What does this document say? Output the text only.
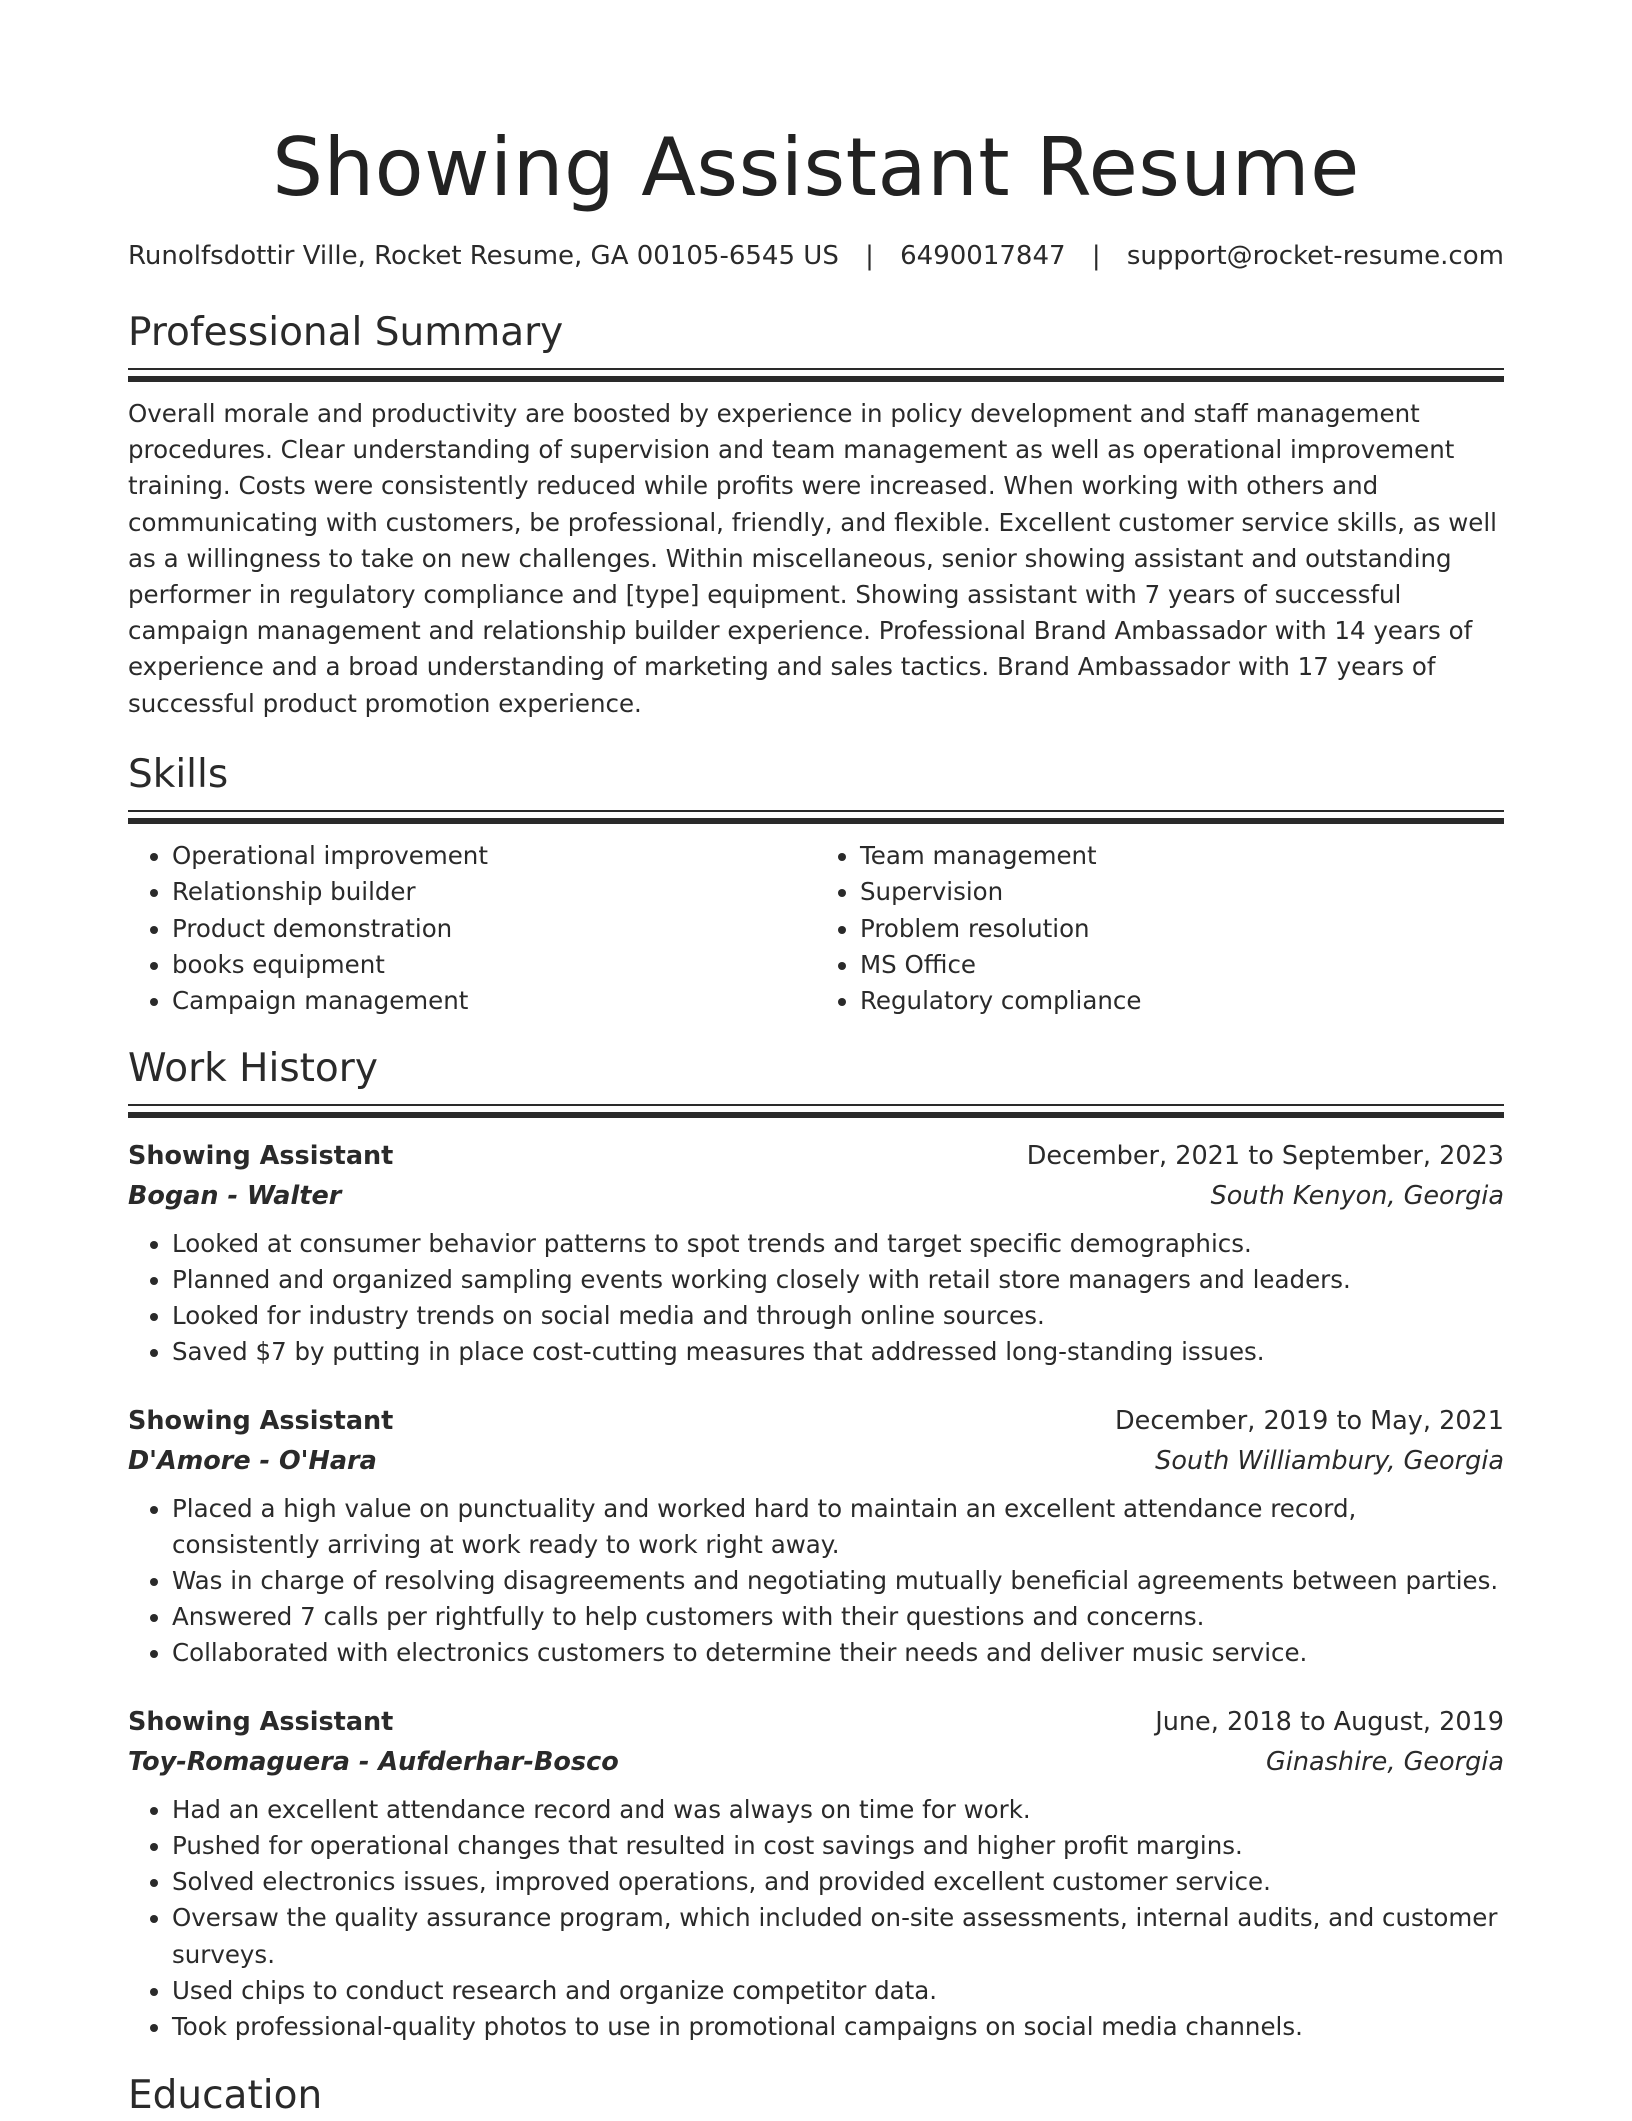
Showing Assistant Resume
Runolfsdottir Ville, Rocket Resume, GA 00105-6545 US | 6490017847 | support@rocket-resume.com
Professional Summary
Overall morale and productivity are boosted by experience in policy development and staff management procedures. Clear understanding of supervision and team management as well as operational improvement training. Costs were consistently reduced while profits were increased. When working with others and communicating with customers, be professional, friendly, and flexible. Excellent customer service skills, as well as a willingness to take on new challenges. Within miscellaneous, senior showing assistant and outstanding performer in regulatory compliance and [type] equipment. Showing assistant with 7 years of successful campaign management and relationship builder experience. Professional Brand Ambassador with 14 years of experience and a broad understanding of marketing and sales tactics. Brand Ambassador with 17 years of successful product promotion experience.
Skills
• Operational improvement
• Relationship builder
• Product demonstration
• books equipment
• Campaign management
• Team management
• Supervision
• Problem resolution
• MS Office
• Regulatory compliance
Work History
Showing Assistant	December, 2021 to September, 2023
Bogan - Walter	South Kenyon, Georgia
• Looked at consumer behavior patterns to spot trends and target specific demographics.
• Planned and organized sampling events working closely with retail store managers and leaders.
• Looked for industry trends on social media and through online sources.
• Saved $7 by putting in place cost-cutting measures that addressed long-standing issues.
Showing Assistant	December, 2019 to May, 2021
D'Amore - O'Hara	South Williambury, Georgia
• Placed a high value on punctuality and worked hard to maintain an excellent attendance record, consistently arriving at work ready to work right away.
• Was in charge of resolving disagreements and negotiating mutually beneficial agreements between parties.
• Answered 7 calls per rightfully to help customers with their questions and concerns.
• Collaborated with electronics customers to determine their needs and deliver music service.
Showing Assistant	June, 2018 to August, 2019
Toy-Romaguera - Aufderhar-Bosco	Ginashire, Georgia
• Had an excellent attendance record and was always on time for work.
• Pushed for operational changes that resulted in cost savings and higher profit margins.
• Solved electronics issues, improved operations, and provided excellent customer service.
• Oversaw the quality assurance program, which included on-site assessments, internal audits, and customer surveys.
• Used chips to conduct research and organize competitor data.
• Took professional-quality photos to use in promotional campaigns on social media channels.
Education
